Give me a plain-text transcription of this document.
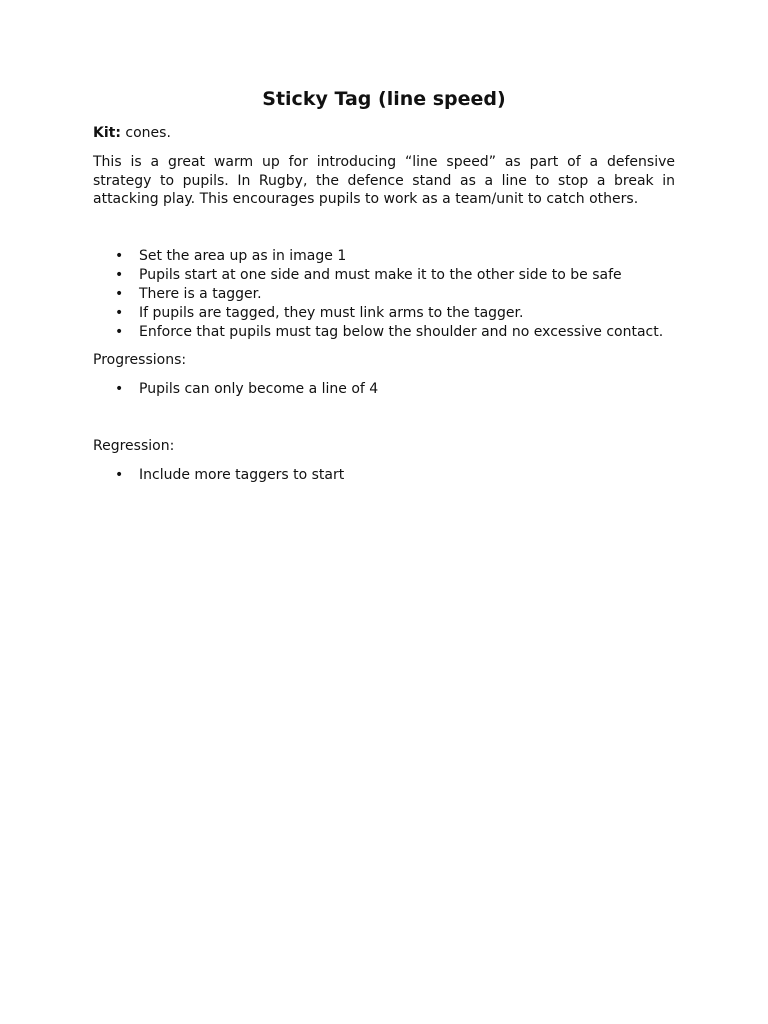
Sticky Tag (line speed)

Kit: cones.

This is a great warm up for introducing “line speed” as part of a defensive strategy to pupils. In Rugby, the defence stand as a line to stop a break in attacking play. This encourages pupils to work as a team/unit to catch others.

• Set the area up as in image 1
• Pupils start at one side and must make it to the other side to be safe
• There is a tagger.
• If pupils are tagged, they must link arms to the tagger.
• Enforce that pupils must tag below the shoulder and no excessive contact.

Progressions:

• Pupils can only become a line of 4

Regression:

• Include more taggers to start
